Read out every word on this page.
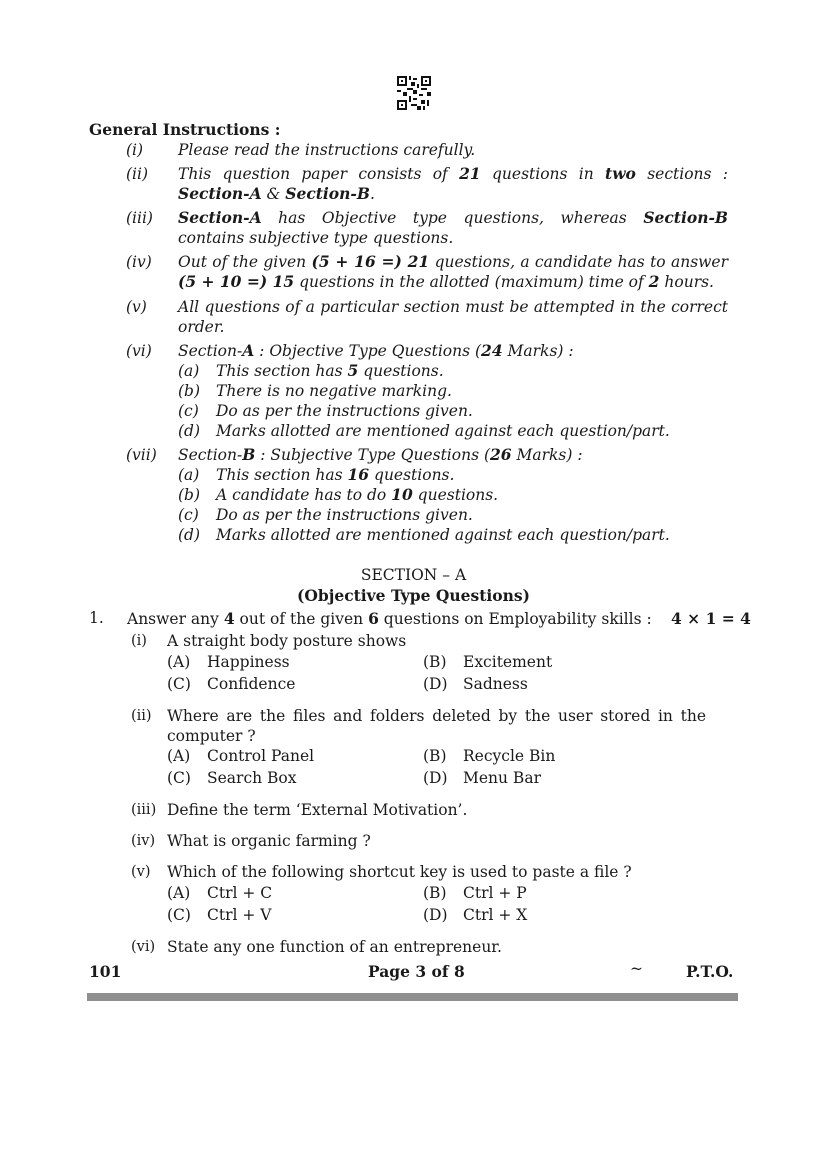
General Instructions :
(i) Please read the instructions carefully.
(ii) This question paper consists of 21 questions in two sections : Section-A & Section-B.
(iii) Section-A has Objective type questions, whereas Section-B contains subjective type questions.
(iv) Out of the given (5 + 16 =) 21 questions, a candidate has to answer (5 + 10 =) 15 questions in the allotted (maximum) time of 2 hours.
(v) All questions of a particular section must be attempted in the correct order.
(vi) Section-A : Objective Type Questions (24 Marks) :
(a) This section has 5 questions.
(b) There is no negative marking.
(c) Do as per the instructions given.
(d) Marks allotted are mentioned against each question/part.
(vii) Section-B : Subjective Type Questions (26 Marks) :
(a) This section has 16 questions.
(b) A candidate has to do 10 questions.
(c) Do as per the instructions given.
(d) Marks allotted are mentioned against each question/part.
SECTION – A
(Objective Type Questions)
1. Answer any 4 out of the given 6 questions on Employability skills : 4 × 1 = 4
(i) A straight body posture shows
(A) Happiness	(B) Excitement
(C) Confidence	(D) Sadness
(ii) Where are the files and folders deleted by the user stored in the computer ?
(A) Control Panel	(B) Recycle Bin
(C) Search Box	(D) Menu Bar
(iii) Define the term ‘External Motivation’.
(iv) What is organic farming ?
(v) Which of the following shortcut key is used to paste a file ?
(A) Ctrl + C	(B) Ctrl + P
(C) Ctrl + V	(D) Ctrl + X
(vi) State any one function of an entrepreneur.
101	Page 3 of 8	~	P.T.O.
